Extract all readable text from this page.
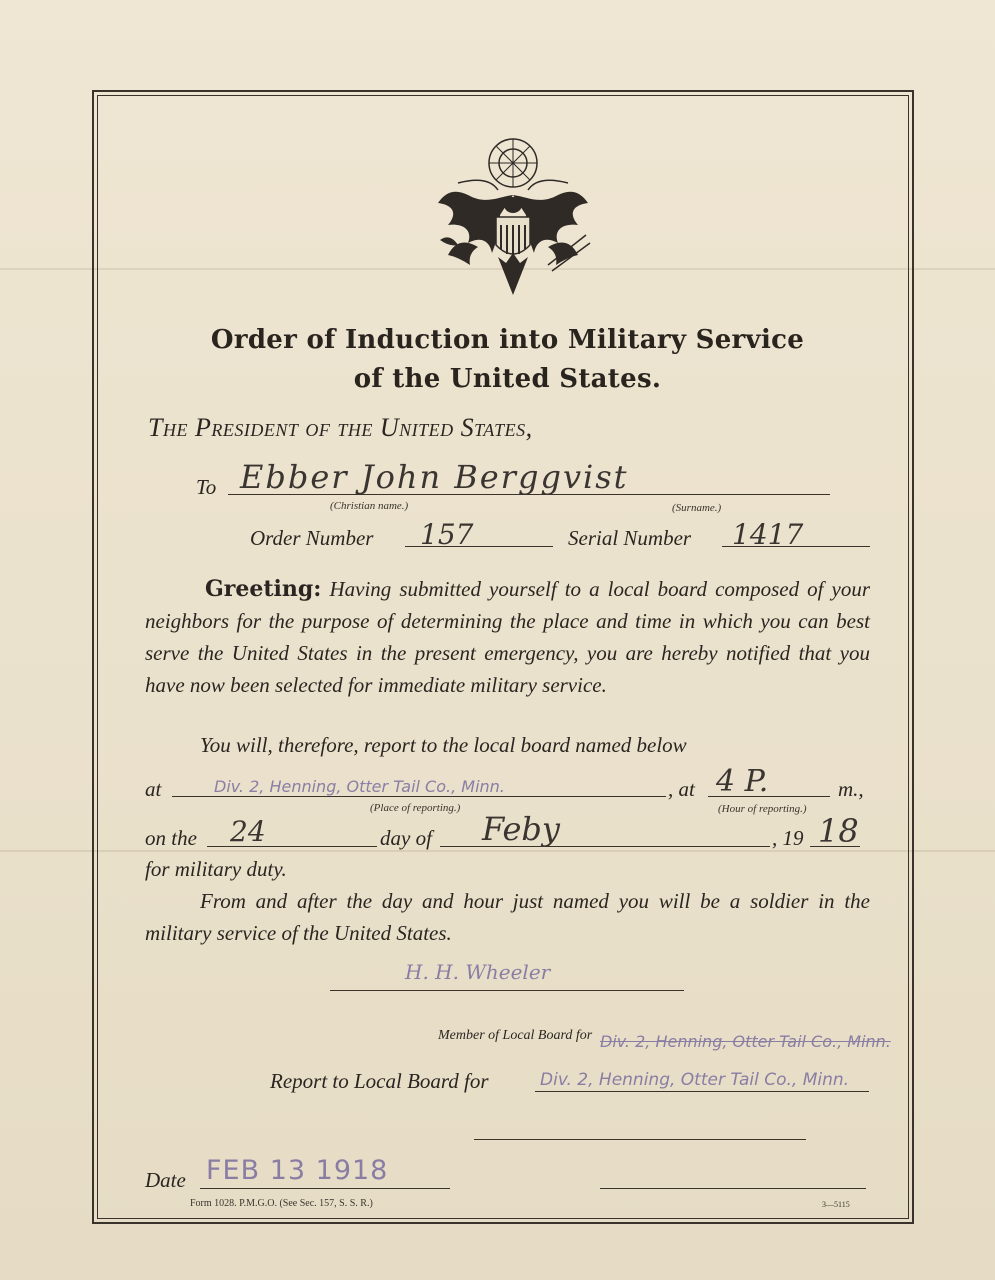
Order of Induction into Military Service
of the United States.
The President of the United States,
To Ebber John Berggvist
(Christian name.)	(Surname.)
Order Number 157	Serial Number 1417
Greeting: Having submitted yourself to a local board composed of your neighbors for the purpose of determining the place and time in which you can best serve the United States in the present emergency, you are hereby notified that you have now been selected for immediate military service.
You will, therefore, report to the local board named below
at	Div. 2, Henning, Otter Tail Co., Minn.	, at 4 P.	m.,
(Place of reporting.)	(Hour of reporting.)
on the 24	day of Feby	, 19 18
for military duty.
From and after the day and hour just named you will be a soldier in the military service of the United States.
H. H. Wheeler
Member of Local Board for Div. 2, Henning, Otter Tail Co., Minn.
Report to Local Board for	Div. 2, Henning, Otter Tail Co., Minn.
Date FEB 13 1918
Form 1028. P.M.G.O. (See Sec. 157, S. S. R.)	3—5115
